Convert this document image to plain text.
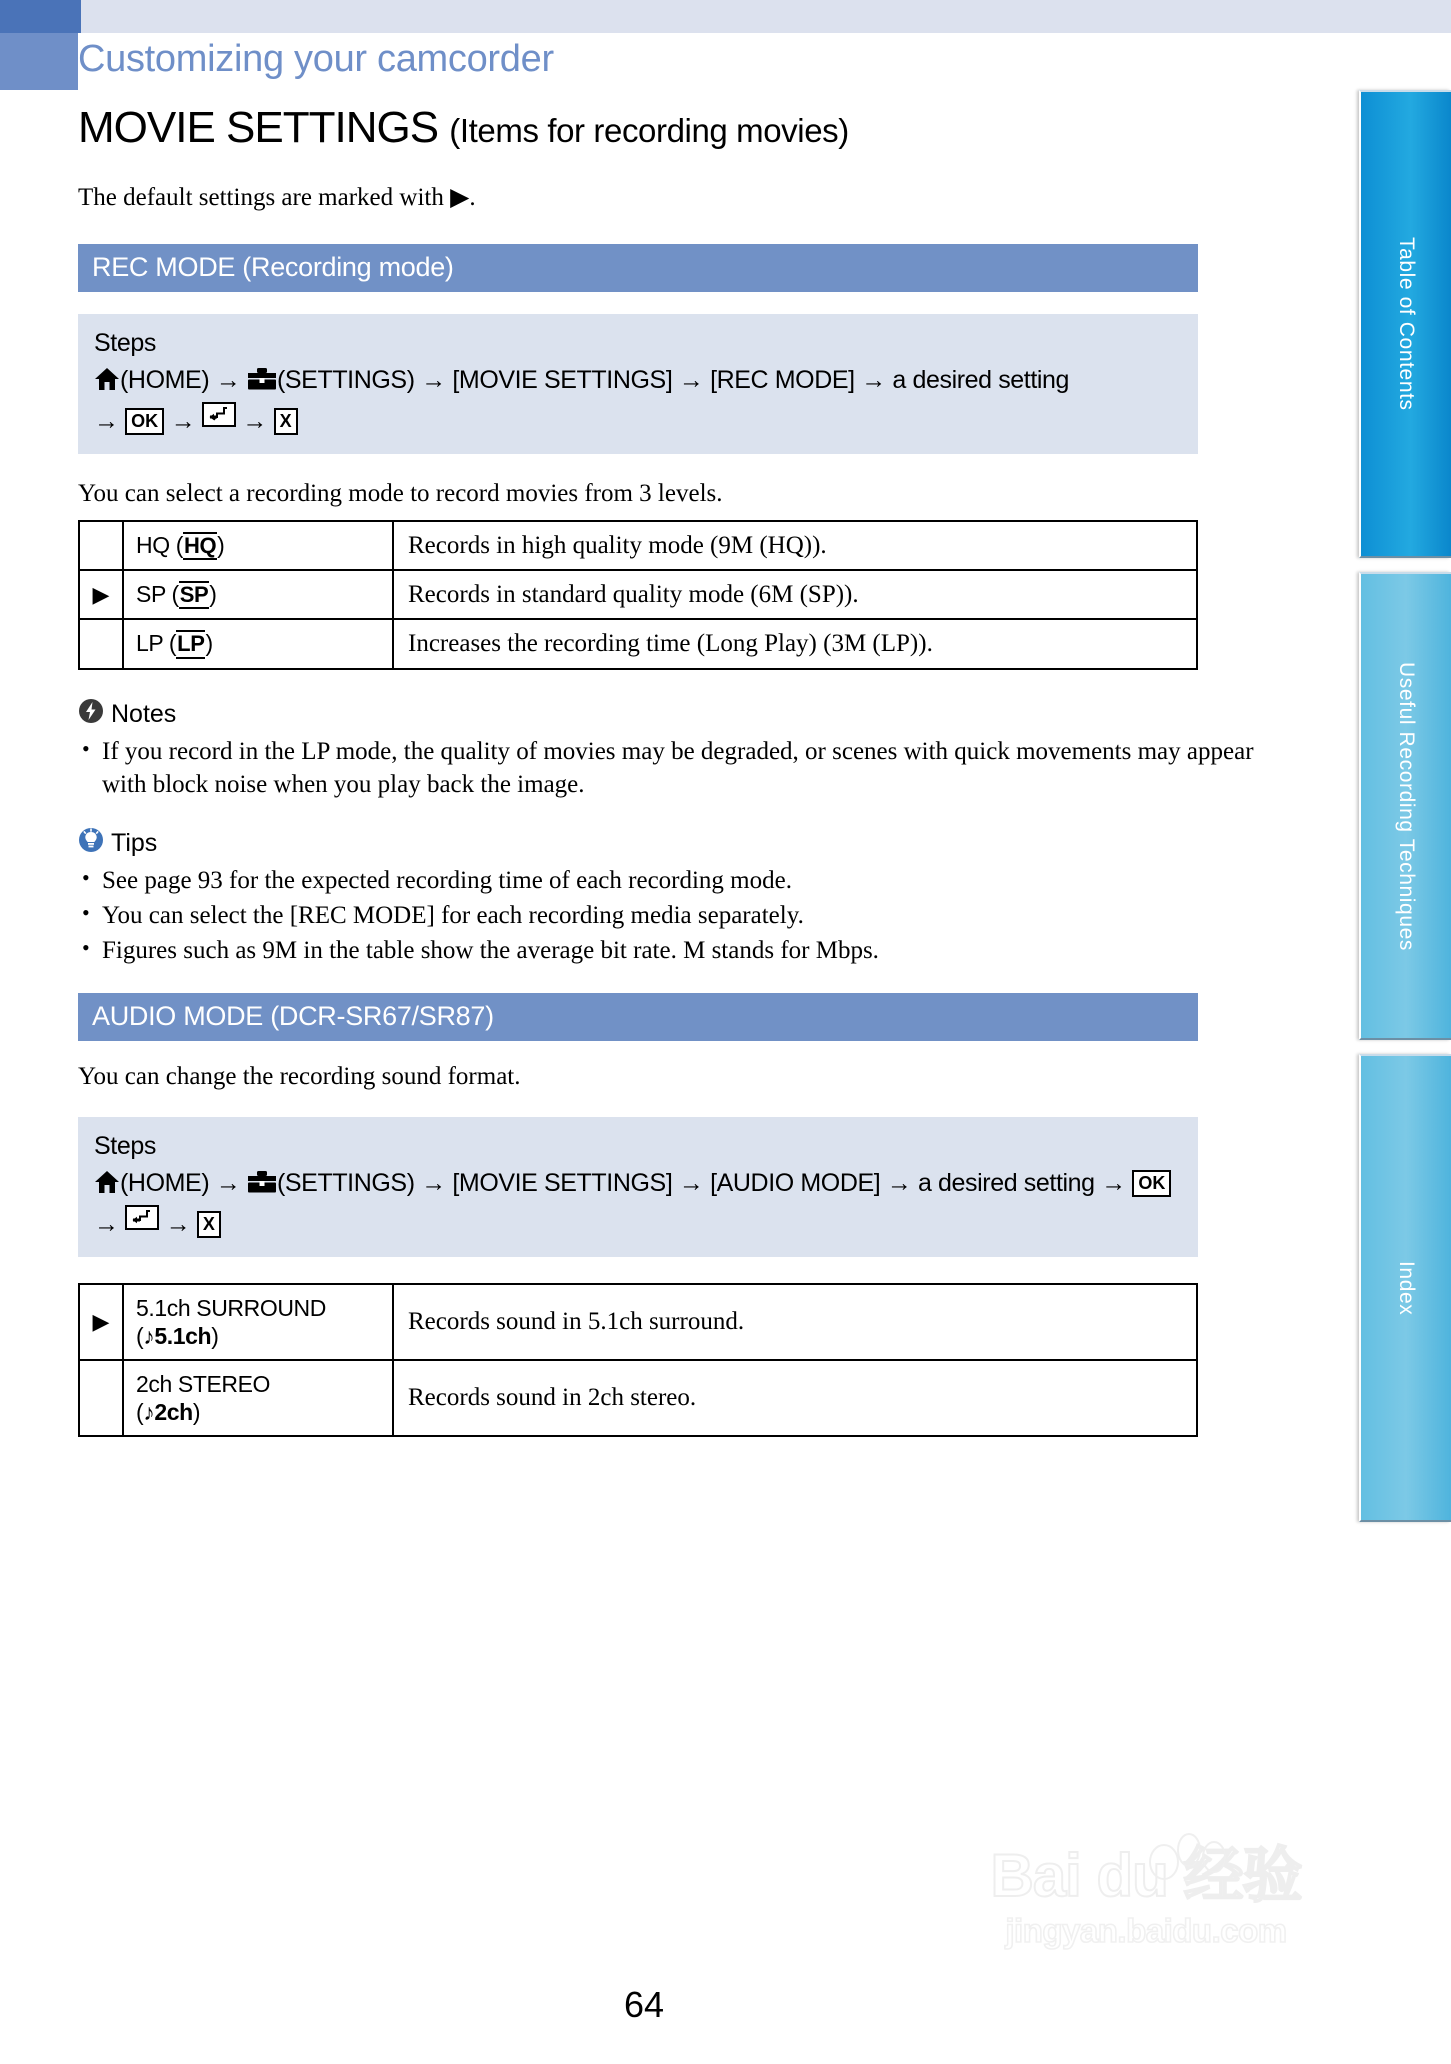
Customizing your camcorder
MOVIE SETTINGS (Items for recording movies)
The default settings are marked with ▶.
REC MODE (Recording mode)
Steps
(HOME) → (SETTINGS) → [MOVIE SETTINGS] → [REC MODE] → a desired setting
→ OK → → X
You can select a recording mode to record movies from 3 levels.
	HQ (HQ)	Records in high quality mode (9M (HQ)).
▶	SP (SP)	Records in standard quality mode (6M (SP)).
	LP (LP)	Increases the recording time (Long Play) (3M (LP)).
Notes
• If you record in the LP mode, the quality of movies may be degraded, or scenes with quick movements may appear with block noise when you play back the image.
Tips
• See page 93 for the expected recording time of each recording mode.
• You can select the [REC MODE] for each recording media separately.
• Figures such as 9M in the table show the average bit rate. M stands for Mbps.
AUDIO MODE (DCR-SR67/SR87)
You can change the recording sound format.
Steps
(HOME) → (SETTINGS) → [MOVIE SETTINGS] → [AUDIO MODE] → a desired setting → OK → → X
▶	5.1ch SURROUND
(♪5.1ch)	Records sound in 5.1ch surround.
	2ch STEREO
(♪2ch)	Records sound in 2ch stereo.
Table of Contents
Useful Recording Techniques
Index
Bai du 经验
jingyan.baidu.com
64
